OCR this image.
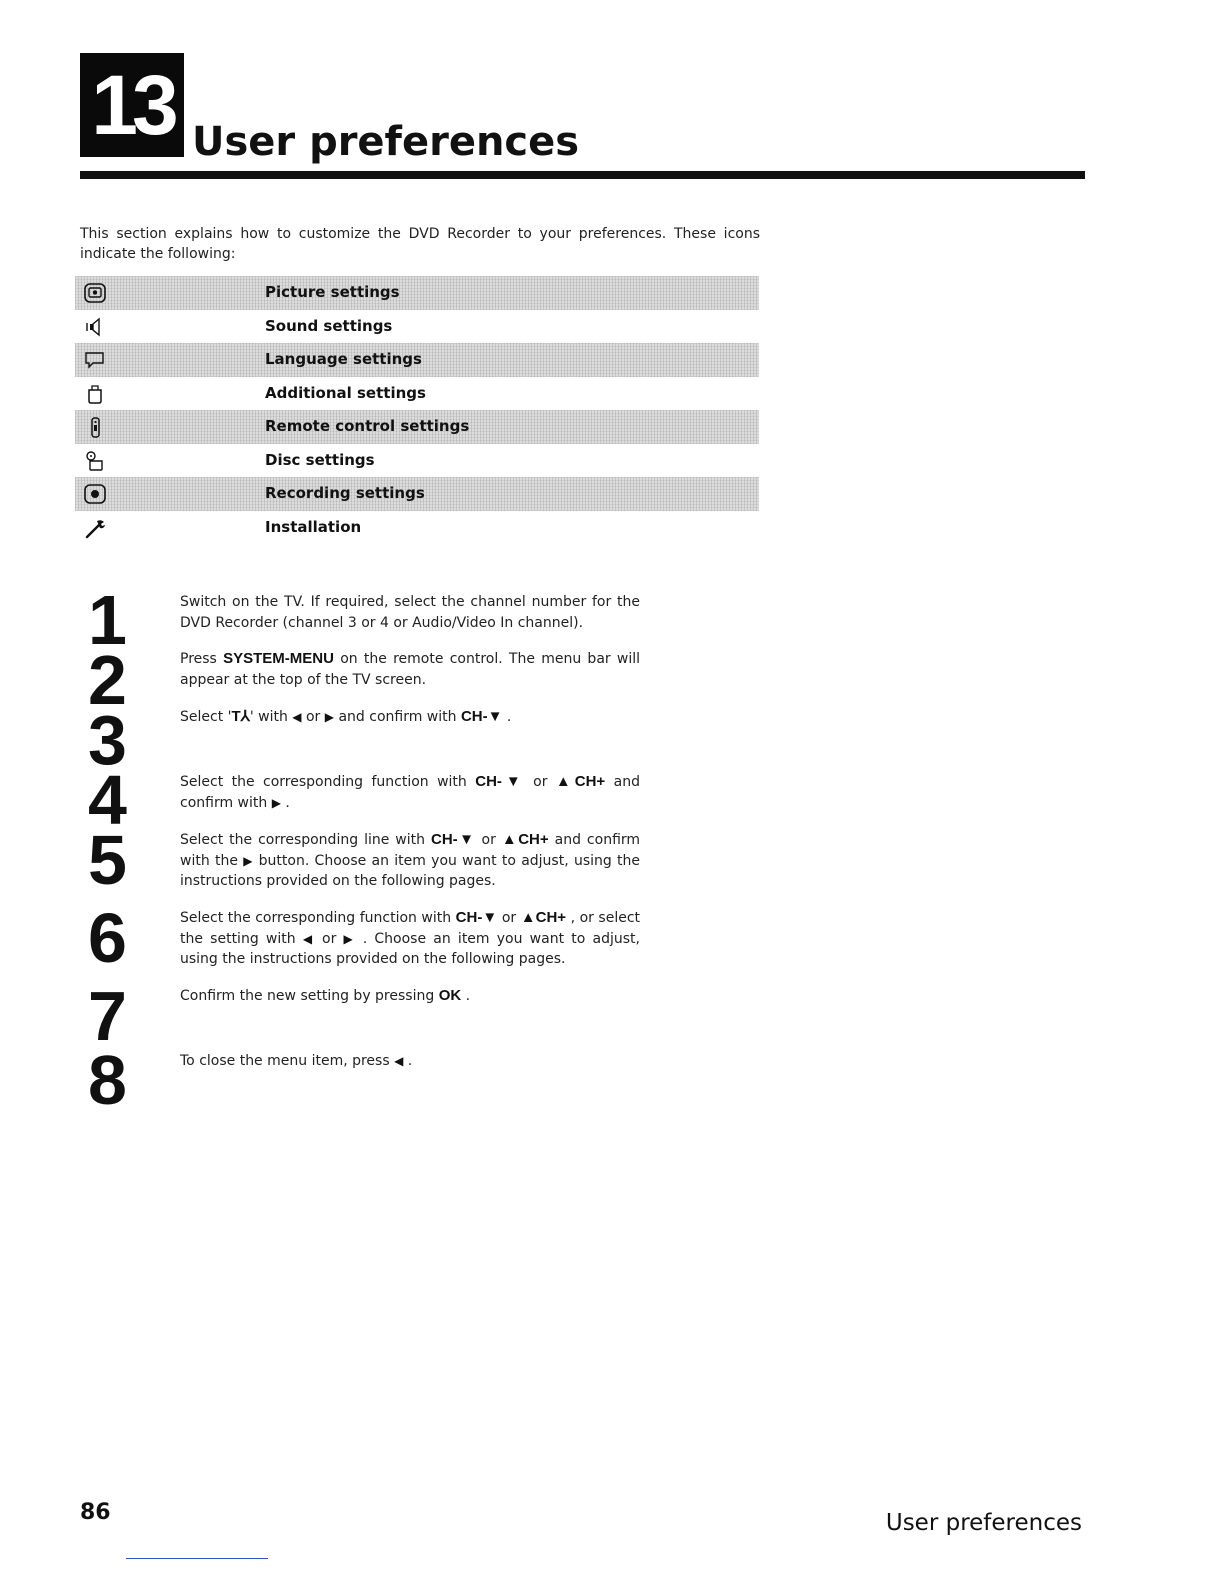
13 User preferences

This section explains how to customize the DVD Recorder to your preferences. These icons indicate the following:

Picture settings
Sound settings
Language settings
Additional settings
Remote control settings
Disc settings
Recording settings
Installation
1	Switch on the TV. If required, select the channel number for the DVD Recorder (channel 3 or 4 or Audio/Video In channel).
2	Press SYSTEM-MENU on the remote control. The menu bar will appear at the top of the TV screen.
3	Select 'T⅄' with ◀ or ▶ and confirm with CH-▼ .
4	Select the corresponding function with CH-▼ or ▲CH+ and confirm with ▶ .
5	Select the corresponding line with CH-▼ or ▲CH+ and confirm with the ▶ button. Choose an item you want to adjust, using the instructions provided on the following pages.
6	Select the corresponding function with CH-▼ or ▲CH+ , or select the setting with ◀ or ▶ . Choose an item you want to adjust, using the instructions provided on the following pages.
7	Confirm the new setting by pressing OK .
8	To close the menu item, press ◀ .
86	User preferences
